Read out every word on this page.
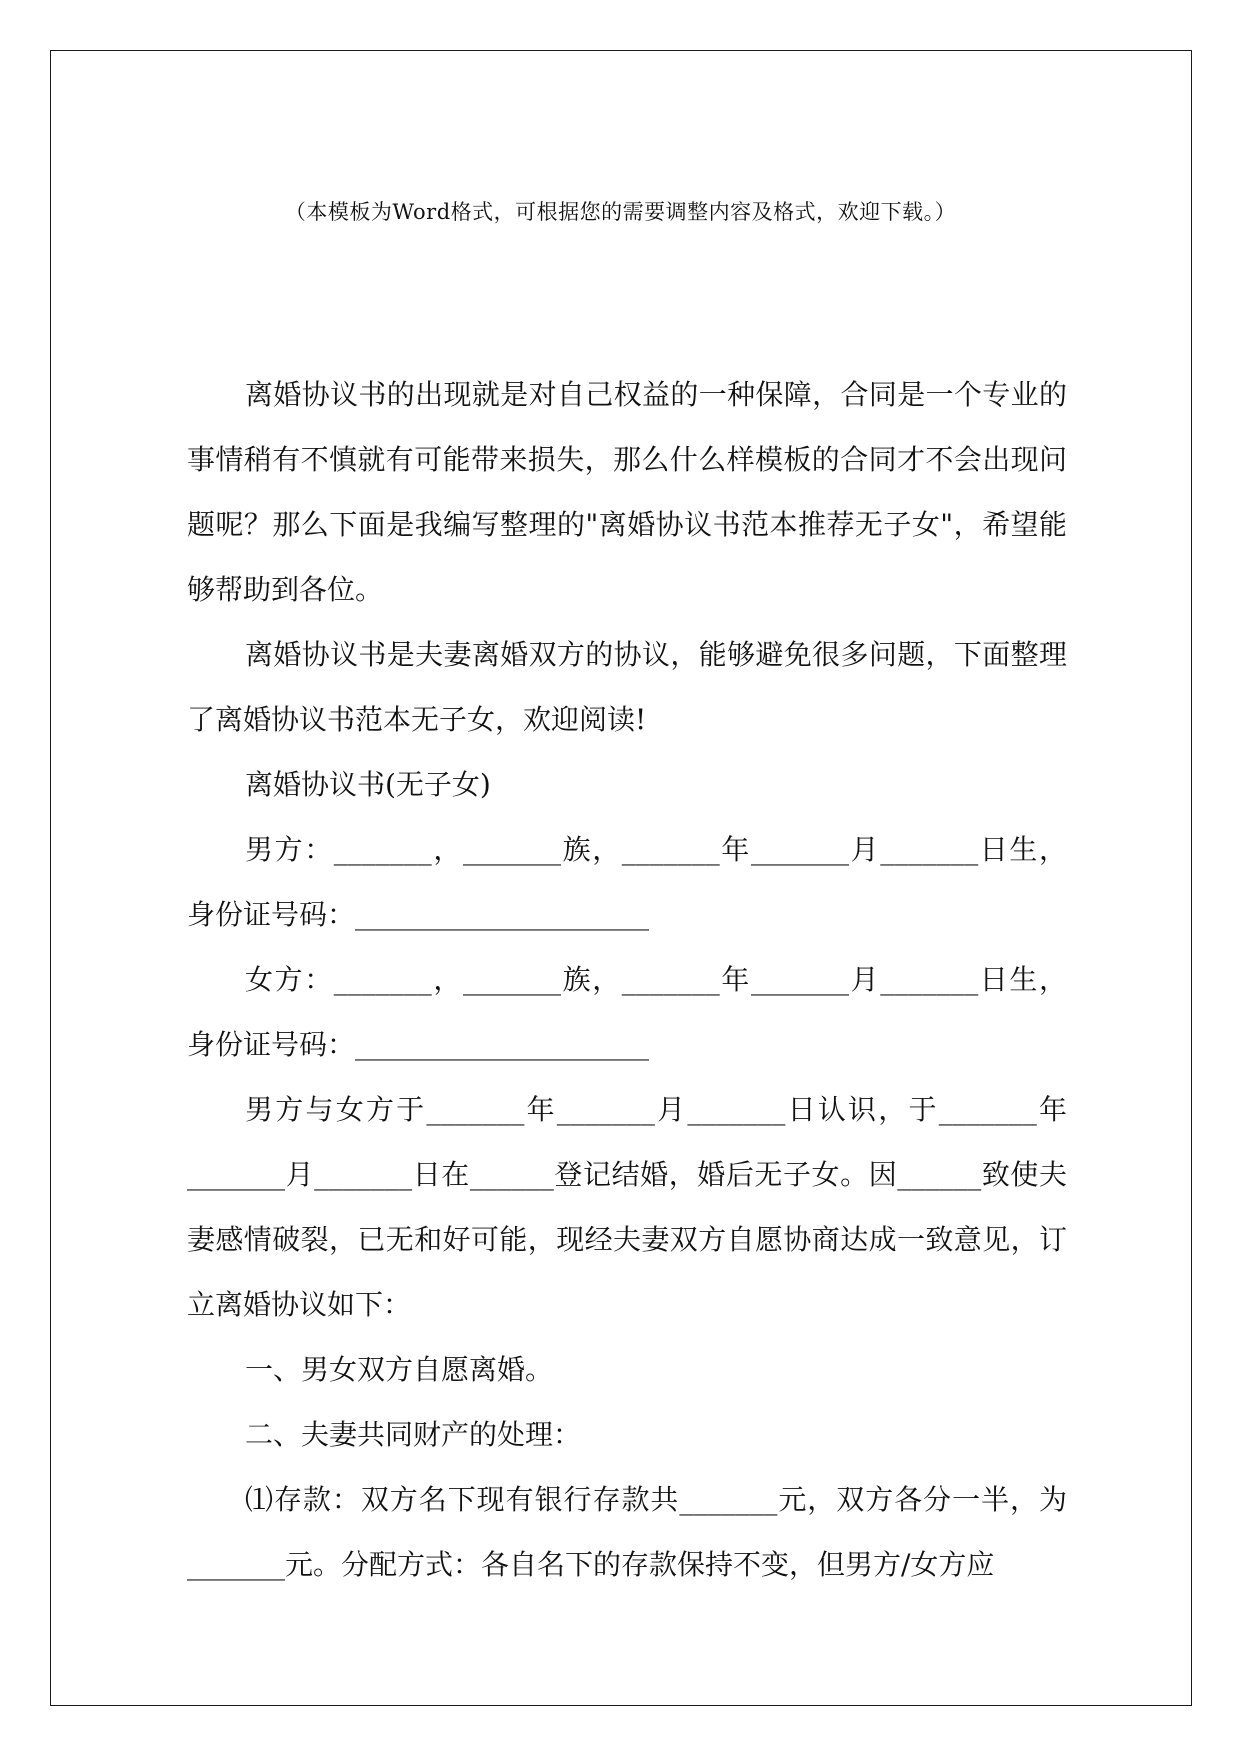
（本模板为Word格式，可根据您的需要调整内容及格式，欢迎下载。）

离婚协议书的出现就是对自己权益的一种保障，合同是一个专业的事情稍有不慎就有可能带来损失，那么什么样模板的合同才不会出现问题呢？那么下面是我编写整理的"离婚协议书范本推荐无子女"，希望能够帮助到各位。

离婚协议书是夫妻离婚双方的协议，能够避免很多问题，下面整理了离婚协议书范本无子女，欢迎阅读!

离婚协议书(无子女)

男方：_______，_______族，_______年_______月_______日生，身份证号码：_____________________

女方：_______，_______族，_______年_______月_______日生，身份证号码：_____________________

男方与女方于_______年_______月_______日认识，于_______年_______月_______日在______登记结婚，婚后无子女。因______致使夫妻感情破裂，已无和好可能，现经夫妻双方自愿协商达成一致意见，订立离婚协议如下：

一、男女双方自愿离婚。

二、夫妻共同财产的处理：

⑴存款：双方名下现有银行存款共_______元，双方各分一半，为_______元。分配方式：各自名下的存款保持不变，但男方/女方应
